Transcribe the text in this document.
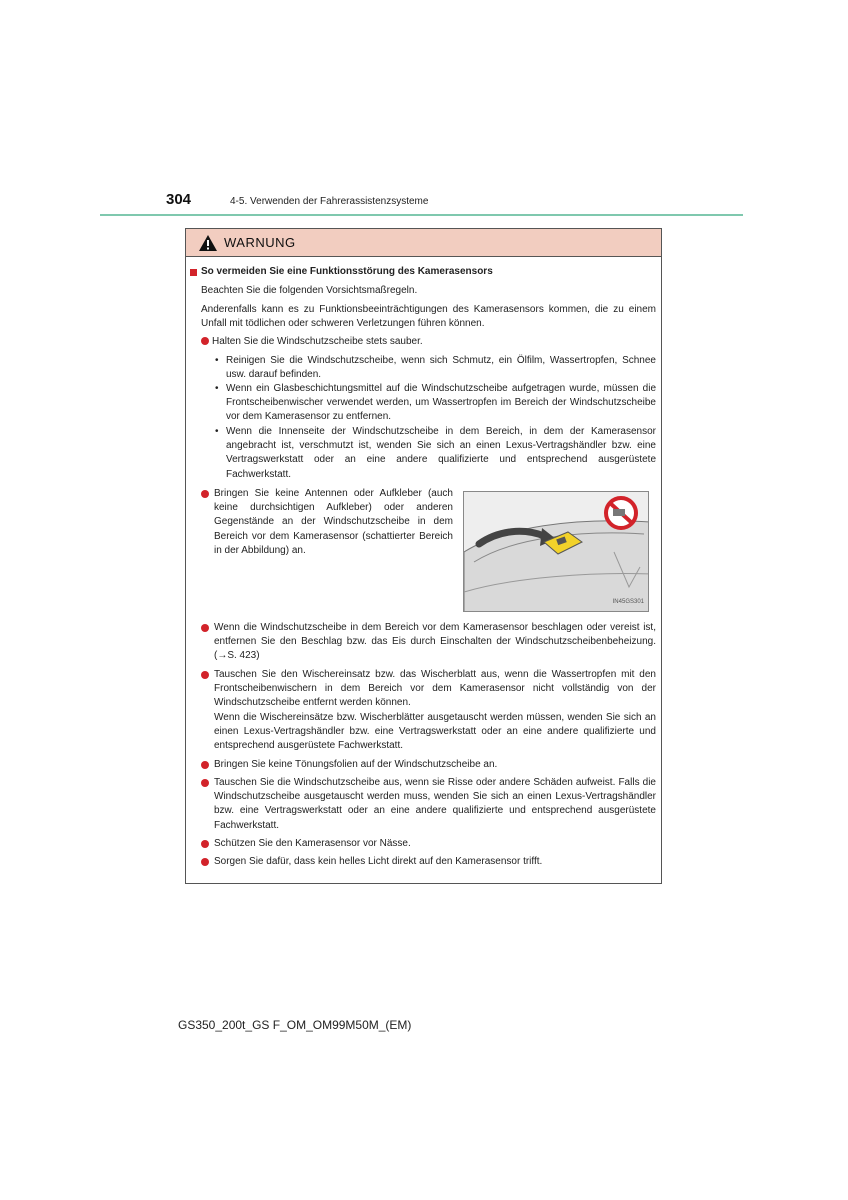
304	4-5. Verwenden der Fahrerassistenzsysteme
WARNUNG
So vermeiden Sie eine Funktionsstörung des Kamerasensors
Beachten Sie die folgenden Vorsichtsmaßregeln.
Anderenfalls kann es zu Funktionsbeeinträchtigungen des Kamerasensors kommen, die zu einem Unfall mit tödlichen oder schweren Verletzungen führen können.
Halten Sie die Windschutzscheibe stets sauber.
• Reinigen Sie die Windschutzscheibe, wenn sich Schmutz, ein Ölfilm, Wassertropfen, Schnee usw. darauf befinden.
• Wenn ein Glasbeschichtungsmittel auf die Windschutzscheibe aufgetragen wurde, müssen die Frontscheibenwischer verwendet werden, um Wassertropfen im Bereich der Windschutzscheibe vor dem Kamerasensor zu entfernen.
• Wenn die Innenseite der Windschutzscheibe in dem Bereich, in dem der Kamerasensor angebracht ist, verschmutzt ist, wenden Sie sich an einen Lexus-Vertragshändler bzw. eine Vertragswerkstatt oder an eine andere qualifizierte und entsprechend ausgerüstete Fachwerkstatt.
Bringen Sie keine Antennen oder Aufkleber (auch keine durchsichtigen Aufkleber) oder anderen Gegenstände an der Windschutzscheibe in dem Bereich vor dem Kamerasensor (schattierter Bereich in der Abbildung) an.
IN45GS301
Wenn die Windschutzscheibe in dem Bereich vor dem Kamerasensor beschlagen oder vereist ist, entfernen Sie den Beschlag bzw. das Eis durch Einschalten der Windschutzscheibenbeheizung. (→S. 423)
Tauschen Sie den Wischereinsatz bzw. das Wischerblatt aus, wenn die Wassertropfen mit den Frontscheibenwischern in dem Bereich vor dem Kamerasensor nicht vollständig von der Windschutzscheibe entfernt werden können.
Wenn die Wischereinsätze bzw. Wischerblätter ausgetauscht werden müssen, wenden Sie sich an einen Lexus-Vertragshändler bzw. eine Vertragswerkstatt oder an eine andere qualifizierte und entsprechend ausgerüstete Fachwerkstatt.
Bringen Sie keine Tönungsfolien auf der Windschutzscheibe an.
Tauschen Sie die Windschutzscheibe aus, wenn sie Risse oder andere Schäden aufweist. Falls die Windschutzscheibe ausgetauscht werden muss, wenden Sie sich an einen Lexus-Vertragshändler bzw. eine Vertragswerkstatt oder an eine andere qualifizierte und entsprechend ausgerüstete Fachwerkstatt.
Schützen Sie den Kamerasensor vor Nässe.
Sorgen Sie dafür, dass kein helles Licht direkt auf den Kamerasensor trifft.
GS350_200t_GS F_OM_OM99M50M_(EM)
